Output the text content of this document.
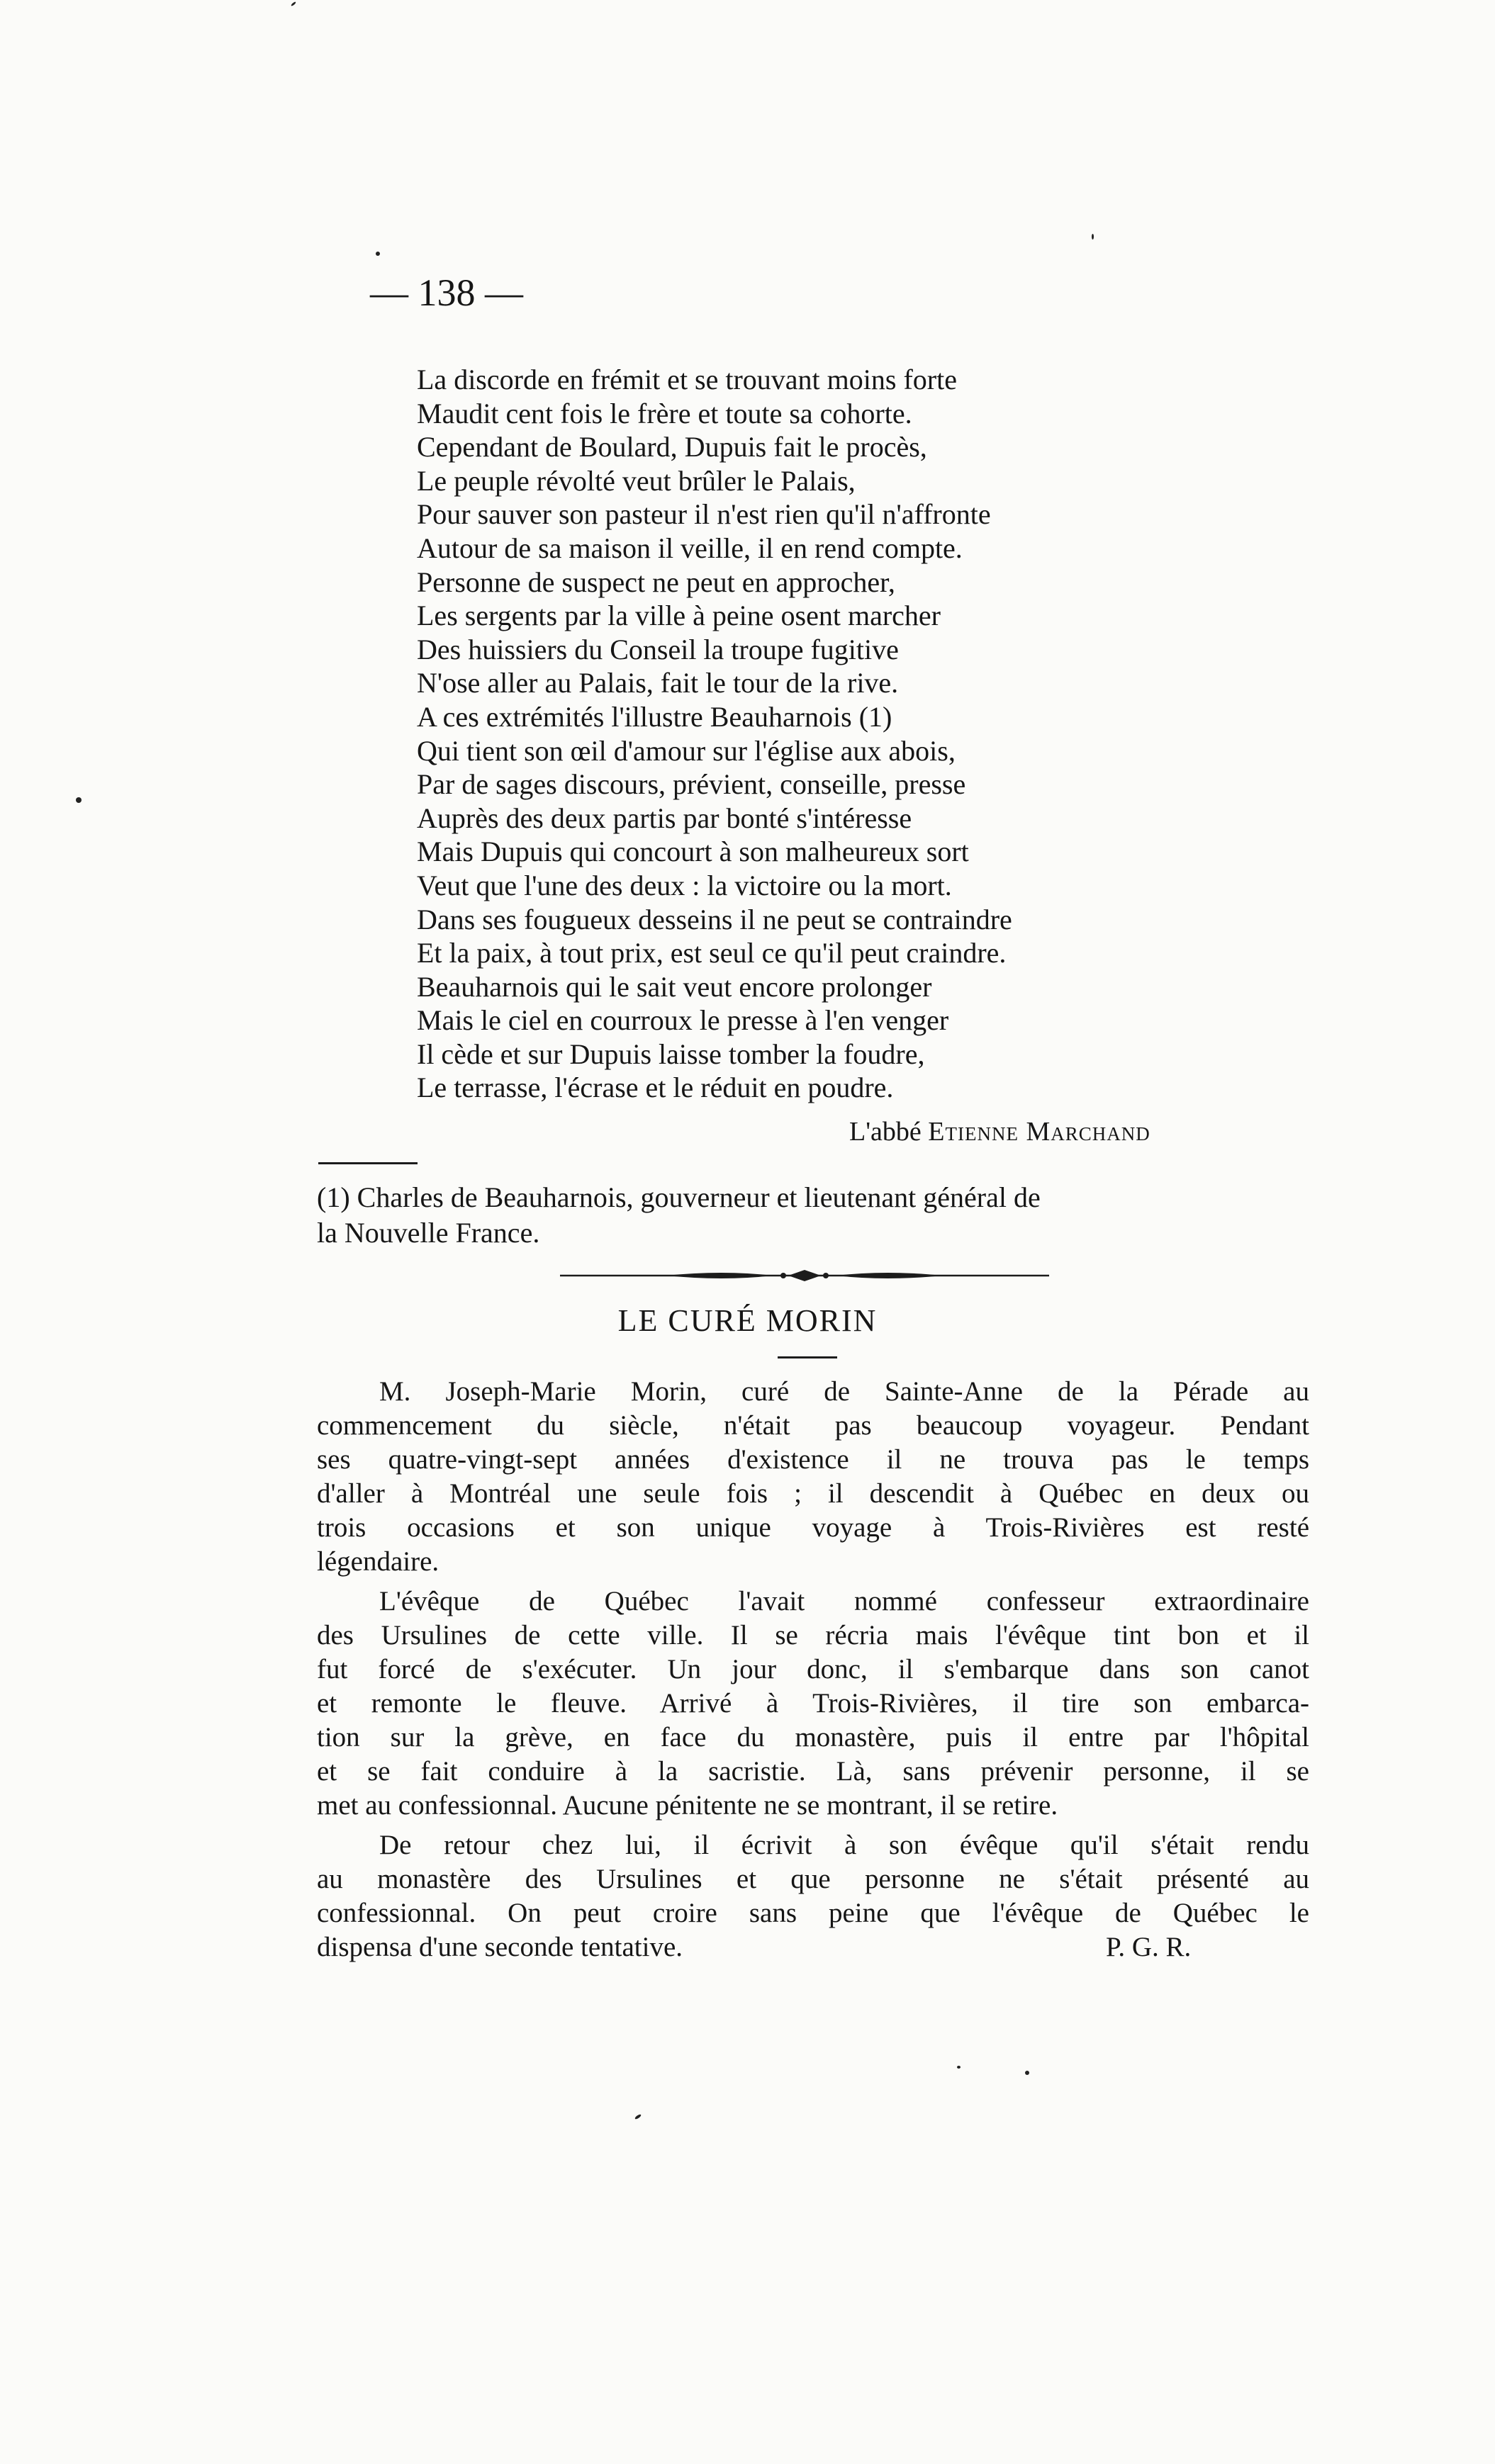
— 138 —
La discorde en frémit et se trouvant moins forte
Maudit cent fois le frère et toute sa cohorte.
Cependant de Boulard, Dupuis fait le procès,
Le peuple révolté veut brûler le Palais,
Pour sauver son pasteur il n'est rien qu'il n'affronte
Autour de sa maison il veille, il en rend compte.
Personne de suspect ne peut en approcher,
Les sergents par la ville à peine osent marcher
Des huissiers du Conseil la troupe fugitive
N'ose aller au Palais, fait le tour de la rive.
A ces extrémités l'illustre Beauharnois (1)
Qui tient son œil d'amour sur l'église aux abois,
Par de sages discours, prévient, conseille, presse
Auprès des deux partis par bonté s'intéresse
Mais Dupuis qui concourt à son malheureux sort
Veut que l'une des deux : la victoire ou la mort.
Dans ses fougueux desseins il ne peut se contraindre
Et la paix, à tout prix, est seul ce qu'il peut craindre.
Beauharnois qui le sait veut encore prolonger
Mais le ciel en courroux le presse à l'en venger
Il cède et sur Dupuis laisse tomber la foudre,
Le terrasse, l'écrase et le réduit en poudre.
L'abbé Etienne Marchand
(1) Charles de Beauharnois, gouverneur et lieutenant général de
la Nouvelle France.
LE CURÉ MORIN
M. Joseph-Marie Morin, curé de Sainte-Anne de la Pérade au
commencement du siècle, n'était pas beaucoup voyageur. Pendant
ses quatre-vingt-sept années d'existence il ne trouva pas le temps
d'aller à Montréal une seule fois ; il descendit à Québec en deux ou
trois occasions et son unique voyage à Trois-Rivières est resté
légendaire.
L'évêque de Québec l'avait nommé confesseur extraordinaire
des Ursulines de cette ville. Il se récria mais l'évêque tint bon et il
fut forcé de s'exécuter. Un jour donc, il s'embarque dans son canot
et remonte le fleuve. Arrivé à Trois-Rivières, il tire son embarca-
tion sur la grève, en face du monastère, puis il entre par l'hôpital
et se fait conduire à la sacristie. Là, sans prévenir personne, il se
met au confessionnal. Aucune pénitente ne se montrant, il se retire.
De retour chez lui, il écrivit à son évêque qu'il s'était rendu
au monastère des Ursulines et que personne ne s'était présenté au
confessionnal. On peut croire sans peine que l'évêque de Québec le
dispensa d'une seconde tentative.	P. G. R.
